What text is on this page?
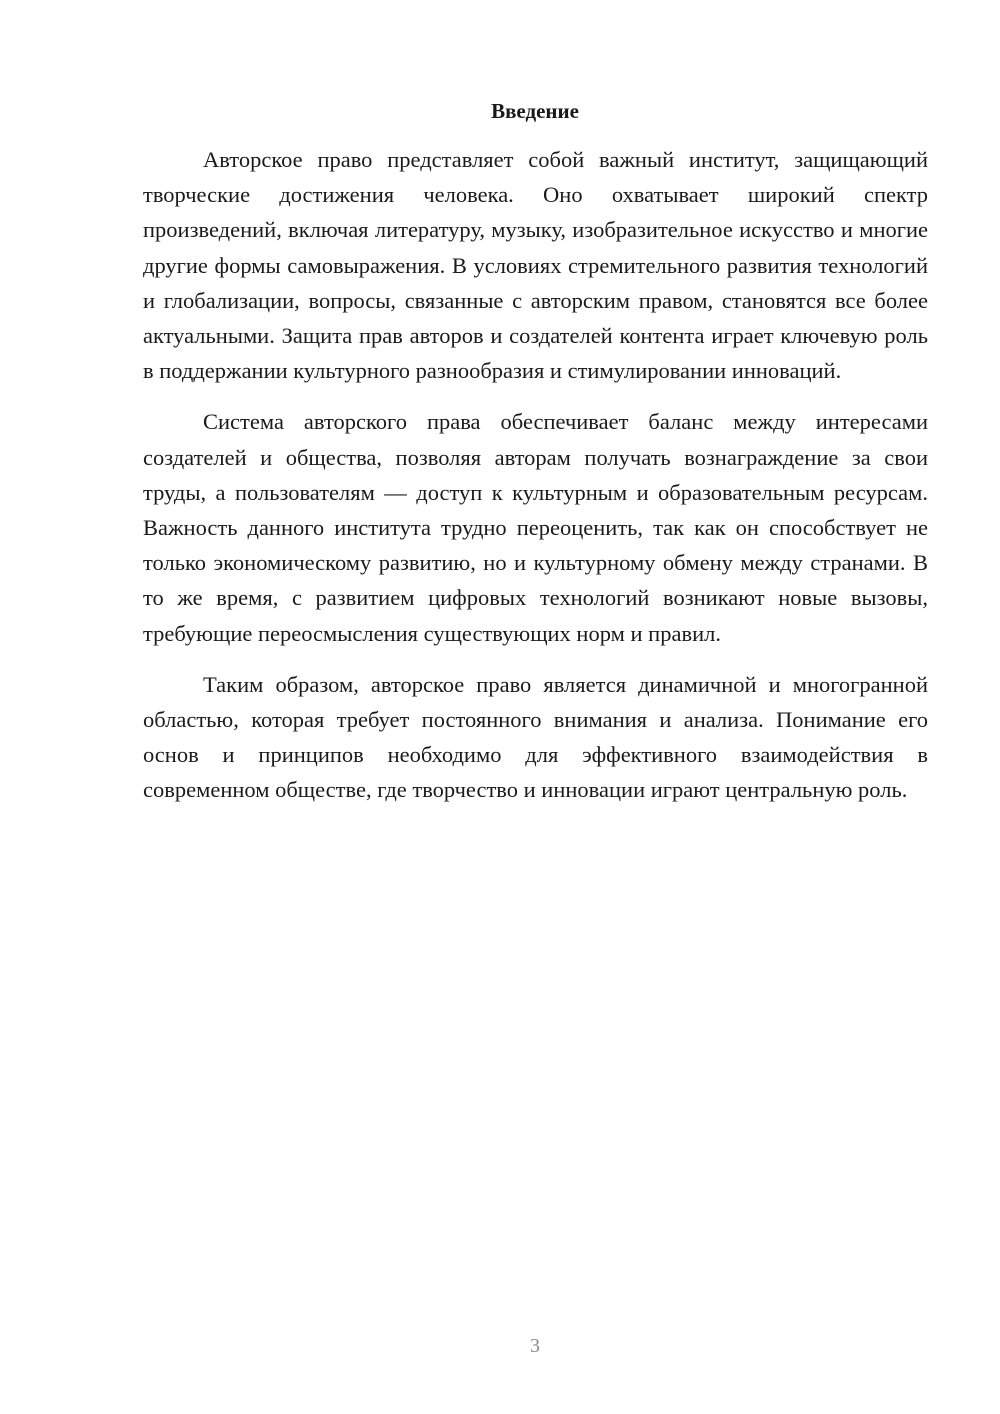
Введение

Авторское право представляет собой важный институт, защищающий творческие достижения человека. Оно охватывает широкий спектр произведений, включая литературу, музыку, изобразительное искусство и многие другие формы самовыражения. В условиях стремительного развития технологий и глобализации, вопросы, связанные с авторским правом, становятся все более актуальными. Защита прав авторов и создателей контента играет ключевую роль в поддержании культурного разнообразия и стимулировании инноваций.

Система авторского права обеспечивает баланс между интересами создателей и общества, позволяя авторам получать вознаграждение за свои труды, а пользователям — доступ к культурным и образовательным ресурсам. Важность данного института трудно переоценить, так как он способствует не только экономическому развитию, но и культурному обмену между странами. В то же время, с развитием цифровых технологий возникают новые вызовы, требующие переосмысления существующих норм и правил.

Таким образом, авторское право является динамичной и многогранной областью, которая требует постоянного внимания и анализа. Понимание его основ и принципов необходимо для эффективного взаимодействия в современном обществе, где творчество и инновации играют центральную роль.

3
